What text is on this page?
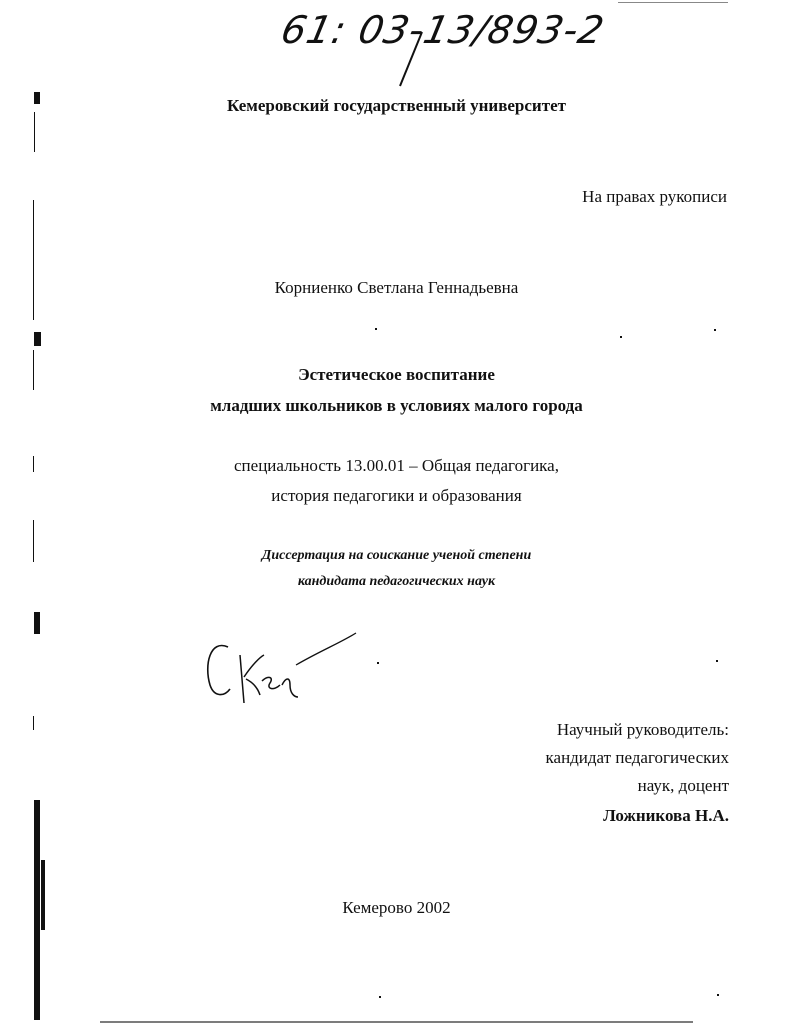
61: 03-13/893-2
Кемеровский государственный университет
На правах рукописи
Корниенко Светлана Геннадьевна
Эстетическое воспитание
младших школьников в условиях малого города
специальность 13.00.01 – Общая педагогика,
история педагогики и образования
Диссертация на соискание ученой степени
кандидата педагогических наук
Научный руководитель:
кандидат педагогических
наук, доцент
Ложникова Н.А.
Кемерово 2002
